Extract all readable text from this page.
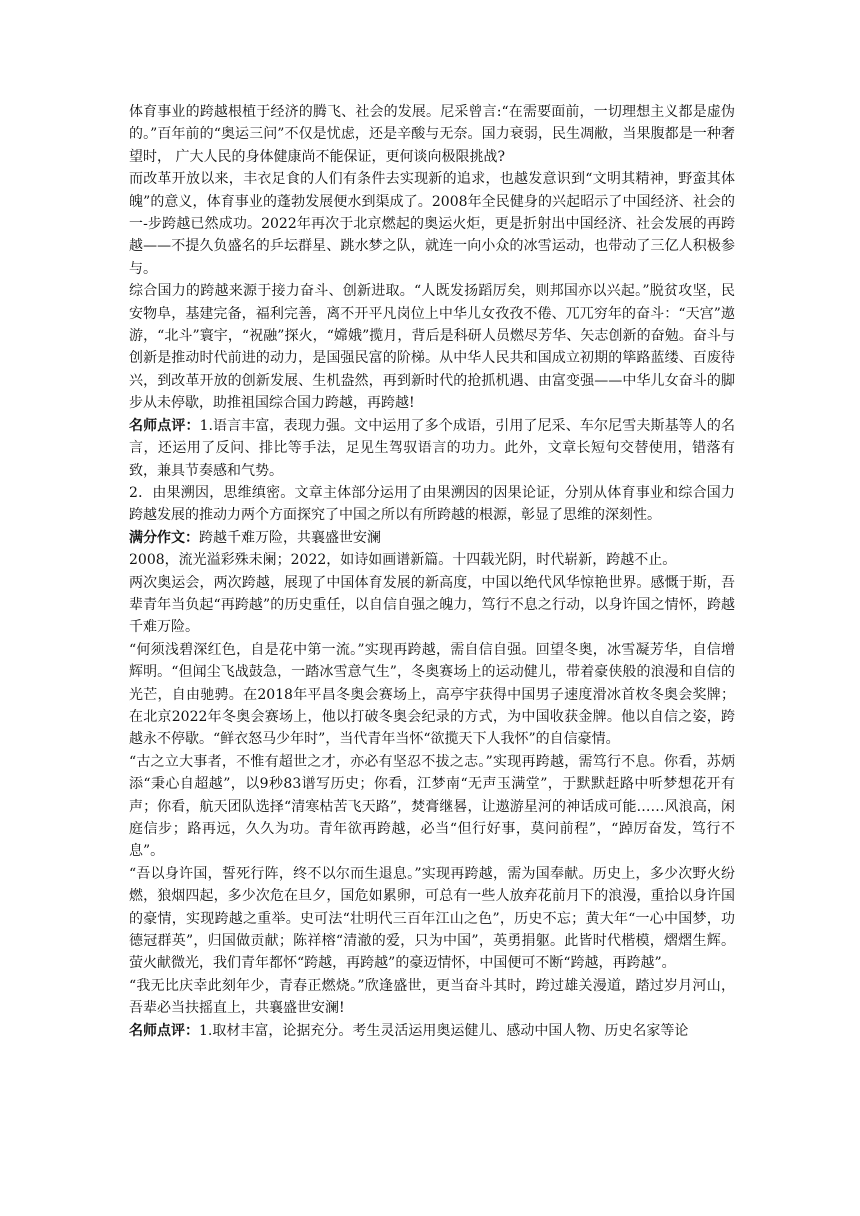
体育事业的跨越根植于经济的腾飞、社会的发展。尼采曾言:“在需要面前，一切理想主义都是虚伪的。”百年前的“奥运三问”不仅是忧虑，还是辛酸与无奈。国力衰弱，民生凋敝，当果腹都是一种奢望时， 广大人民的身体健康尚不能保证，更何谈向极限挑战?

而改革开放以来，丰衣足食的人们有条件去实现新的追求，也越发意识到“文明其精神，野蛮其体魄”的意义，体育事业的蓬勃发展便水到渠成了。2008年全民健身的兴起昭示了中国经济、社会的一-步跨越已然成功。2022年再次于北京燃起的奥运火炬，更是折射出中国经济、社会发展的再跨越——不提久负盛名的乒坛群星、跳水梦之队，就连一向小众的冰雪运动，也带动了三亿人积极参与。

综合国力的跨越来源于接力奋斗、创新进取。“人既发扬蹈厉矣，则邦国亦以兴起。”脱贫攻坚，民安物阜，基建完备，福利完善，离不开平凡岗位上中华儿女孜孜不倦、兀兀穷年的奋斗：“天宫”遨游，“北斗”寰宇，“祝融”探火，“嫦娥”揽月，背后是科研人员燃尽芳华、矢志创新的奋勉。奋斗与创新是推动时代前进的动力，是国强民富的阶梯。从中华人民共和国成立初期的筚路蓝缕、百废待兴，到改革开放的创新发展、生机盎然，再到新时代的抢抓机遇、由富变强——中华儿女奋斗的脚步从未停歇，助推祖国综合国力跨越，再跨越!

名师点评：1.语言丰富，表现力强。文中运用了多个成语，引用了尼采、车尔尼雪夫斯基等人的名言，还运用了反问、排比等手法，足见生驾驭语言的功力。此外，文章长短句交替使用，错落有致，兼具节奏感和气势。

2．由果溯因，思维缜密。文章主体部分运用了由果溯因的因果论证，分别从体育事业和综合国力跨越发展的推动力两个方面探究了中国之所以有所跨越的根源，彰显了思维的深刻性。

满分作文：跨越千难万险，共襄盛世安澜

2008，流光溢彩殊未阑；2022，如诗如画谱新篇。十四载光阴，时代崭新，跨越不止。

两次奥运会，两次跨越，展现了中国体育发展的新高度，中国以绝代风华惊艳世界。感慨于斯，吾辈青年当负起“再跨越”的历史重任，以自信自强之魄力，笃行不息之行动，以身许国之情怀，跨越千难万险。

“何须浅碧深红色，自是花中第一流。”实现再跨越，需自信自强。回望冬奥，冰雪凝芳华，自信增辉明。“但闻尘飞战鼓急，一踏冰雪意气生”，冬奥赛场上的运动健儿，带着豪侠般的浪漫和自信的光芒，自由驰骋。在2018年平昌冬奥会赛场上，高亭宇获得中国男子速度滑冰首枚冬奥会奖牌；在北京2022年冬奥会赛场上，他以打破冬奥会纪录的方式，为中国收获金牌。他以自信之姿，跨越永不停歇。“鲜衣怒马少年时”，当代青年当怀“欲揽天下人我怀”的自信豪情。

“古之立大事者，不惟有超世之才，亦必有坚忍不拔之志。”实现再跨越，需笃行不息。你看，苏炳添“秉心自超越”，以9秒83谱写历史；你看，江梦南“无声玉满堂”，于默默赶路中听梦想花开有声；你看，航天团队选择“清寒枯苦飞天路”，焚膏继晷，让遨游星河的神话成可能……风浪高，闲庭信步；路再远，久久为功。青年欲再跨越，必当“但行好事，莫问前程”，“踔厉奋发，笃行不息”。

“吾以身许国，誓死行阵，终不以尔而生退息。”实现再跨越，需为国奉献。历史上，多少次野火纷燃，狼烟四起，多少次危在旦夕，国危如累卵，可总有一些人放弃花前月下的浪漫，重拾以身许国的豪情，实现跨越之重举。史可法“壮明代三百年江山之色”，历史不忘；黄大年“一心中国梦，功德冠群英”，归国做贡献；陈祥榕“清澈的爱，只为中国”，英勇捐躯。此皆时代楷模，熠熠生辉。萤火献微光，我们青年都怀“跨越，再跨越”的豪迈情怀，中国便可不断“跨越，再跨越”。

“我无比庆幸此刻年少，青春正燃烧。”欣逢盛世，更当奋斗其时，跨过雄关漫道，踏过岁月河山，吾辈必当扶摇直上，共襄盛世安澜!

名师点评：1.取材丰富，论据充分。考生灵活运用奥运健儿、感动中国人物、历史名家等论
